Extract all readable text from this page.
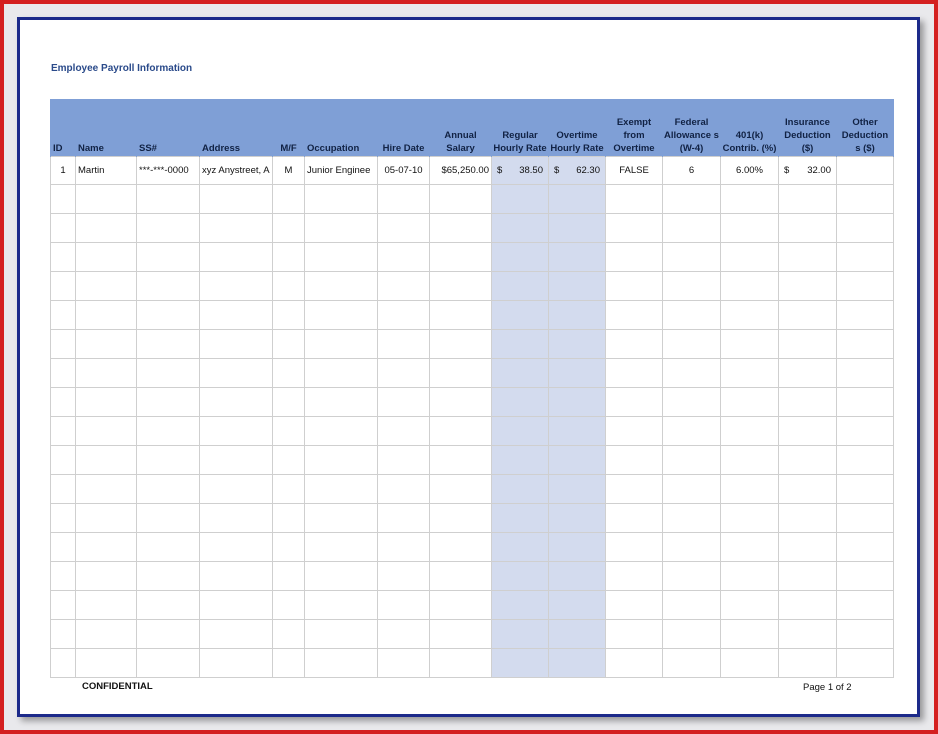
Employee Payroll Information
ID	Name	SS#	Address	M/F	Occupation	Hire Date	Annual Salary	Regular Hourly Rate	Overtime Hourly Rate	Exempt from Overtime	Federal Allowance s (W-4)	401(k) Contrib. (%)	Insurance Deduction ($)	Other Deduction s ($)
1	Martin	***-***-0000	xyz Anystreet, A	M	Junior Enginee	05-07-10	$65,250.00	$ 38.50	$ 62.30	FALSE	6	6.00%	$ 32.00	

CONFIDENTIAL	Page 1 of 2
